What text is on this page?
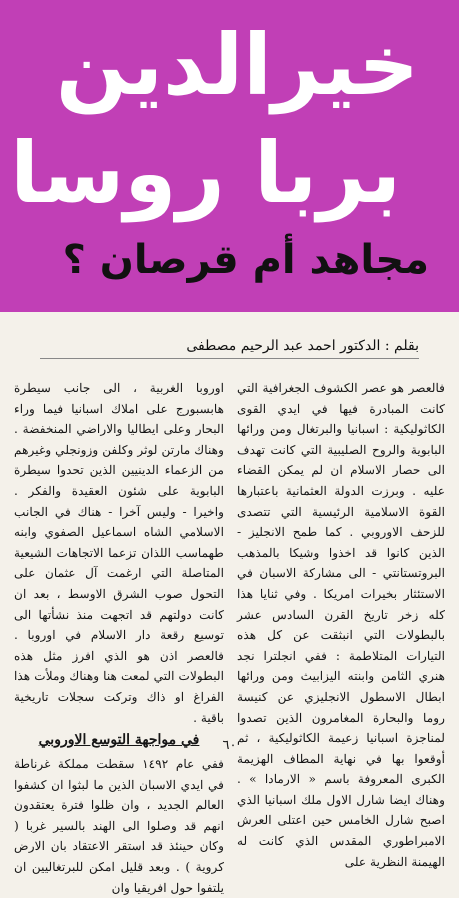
خيرالدين
بربا روسا
مجاهد أم قرصان ؟
بقلم : الدكتور احمد عبد الرحيم مصطفى

فالعصر هو عصر الكشوف الجغرافية التي كانت المبادرة فيها في ايدي القوى الكاثوليكية : اسبانيا والبرتغال ومن ورائها البابوية والروح الصليبية التي كانت تهدف الى حصار الاسلام ان لم يمكن القضاء عليه . وبرزت الدولة العثمانية باعتبارها القوة الاسلامية الرئيسية التي تتصدى للزحف الاوروبي . كما طمح الانجليز - الذين كانوا قد اخذوا وشيكا بالمذهب البروتستانتي - الى مشاركة الاسبان في الاستئثار بخيرات امريكا . وفي ثنايا هذا كله زخر تاريخ القرن السادس عشر بالبطولات التي انبثقت عن كل هذه التيارات المتلاطمة : ففي انجلترا نجد هنري الثامن وابنته اليزابيث ومن ورائها ابطال الاسطول الانجليزي عن كنيسة روما والبحارة المغامرون الذين تصدوا لمناجزة اسبانيا زعيمة الكاثوليكية ، ثم أوقعوا بها في نهاية المطاف الهزيمة الكبرى المعروفة باسم « الارمادا » . وهناك ايضا شارل الاول ملك اسبانيا الذي اصبح شارل الخامس حين اعتلى العرش الامبراطوري المقدس الذي كانت له الهيمنة النظرية على

اوروبا الغربية ، الى جانب سيطرة هابسبورج على املاك اسبانيا فيما وراء البحار وعلى ايطاليا والاراضي المنخفضة . وهناك مارتن لوثر وكلفن وزونجلي وغيرهم من الزعماء الدينيين الذين تحدوا سيطرة البابوية على شئون العقيدة والفكر . واخيرا - وليس آخرا - هناك في الجانب الاسلامي الشاه اسماعيل الصفوي وابنه طهماسب اللذان تزعما الاتجاهات الشيعية المتاصلة التي ارغمت آل عثمان على التحول صوب الشرق الاوسط ، بعد ان كانت دولتهم قد اتجهت منذ نشأتها الى توسيع رقعة دار الاسلام في اوروبا . فالعصر اذن هو الذي افرز مثل هذه البطولات التي لمعت هنا وهناك وملأت هذا الفراغ او ذاك وتركت سجلات تاريخية باقية .

في مواجهة التوسع الاوروبي

ففي عام ١٤٩٢ سقطت مملكة غرناطة في ايدي الاسبان الذين ما لبثوا ان كشفوا العالم الجديد ، وان ظلوا فترة يعتقدون انهم قد وصلوا الى الهند بالسير غربا ( وكان حينئذ قد استقر الاعتقاد بان الارض كروية ) . وبعد قليل امكن للبرتغاليين ان يلتفوا حول افريقيا وان

٦٠
